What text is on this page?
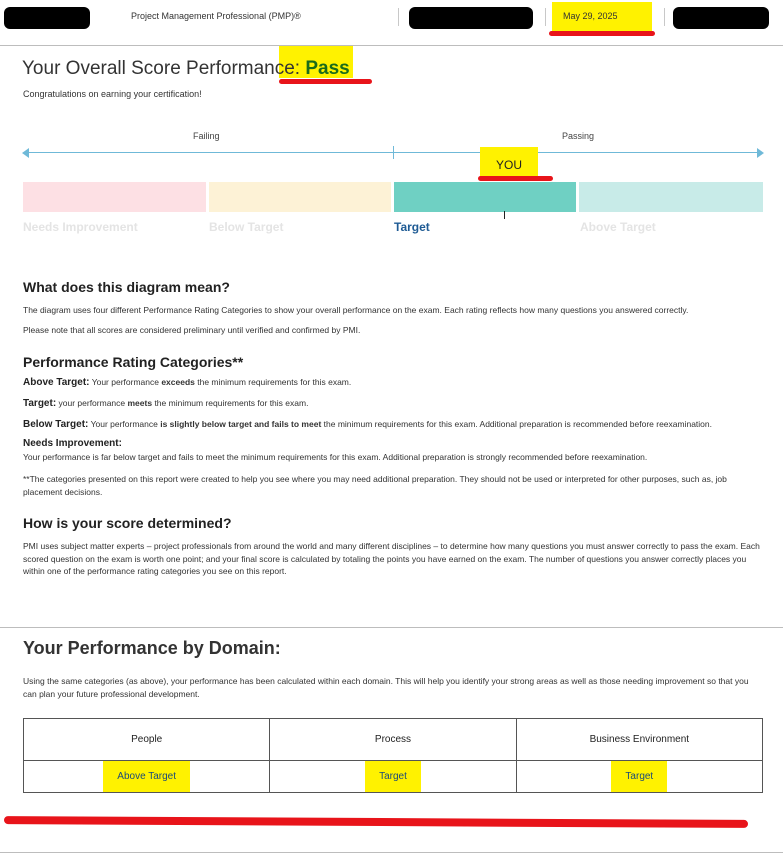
Project Management Professional (PMP)®	May 29, 2025
Your Overall Score Performance: Pass
Congratulations on earning your certification!
Failing	Passing
YOU
Needs Improvement	Below Target	Target	Above Target
What does this diagram mean?
The diagram uses four different Performance Rating Categories to show your overall performance on the exam. Each rating reflects how many questions you answered correctly.
Please note that all scores are considered preliminary until verified and confirmed by PMI.
Performance Rating Categories**
Above Target: Your performance exceeds the minimum requirements for this exam.
Target: your performance meets the minimum requirements for this exam.
Below Target: Your performance is slightly below target and fails to meet the minimum requirements for this exam. Additional preparation is recommended before reexamination.
Needs Improvement:
Your performance is far below target and fails to meet the minimum requirements for this exam. Additional preparation is strongly recommended before reexamination.
**The categories presented on this report were created to help you see where you may need additional preparation. They should not be used or interpreted for other purposes, such as, job placement decisions.
How is your score determined?
PMI uses subject matter experts – project professionals from around the world and many different disciplines – to determine how many questions you must answer correctly to pass the exam. Each scored question on the exam is worth one point; and your final score is calculated by totaling the points you have earned on the exam. The number of questions you answer correctly places you within one of the performance rating categories you see on this report.
Your Performance by Domain:
Using the same categories (as above), your performance has been calculated within each domain. This will help you identify your strong areas as well as those needing improvement so that you can plan your future professional development.
People	Process	Business Environment
Above Target	Target	Target
